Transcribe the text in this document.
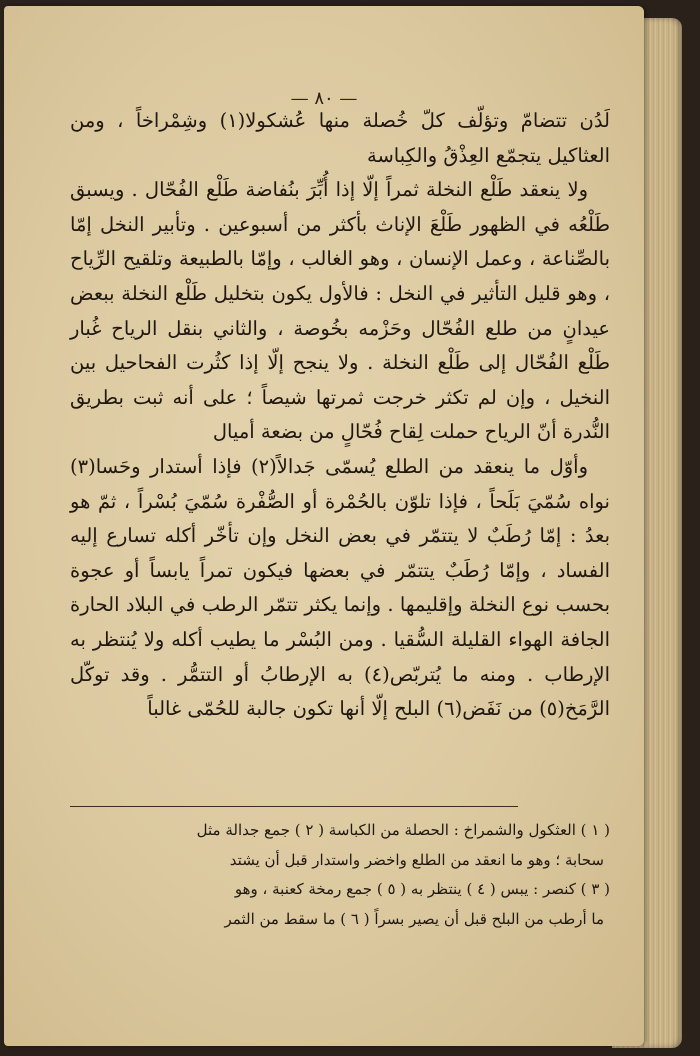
— ٨٠ —

لَدُن تتضامّ وتؤلّف كلّ خُصلة منها عُشكولا(١) وشِمْراخاً ، ومن العثاكيل يتجمّع العِذْقُ والكِباسة

ولا ينعقد طَلْع النخلة ثمراً إلّا إذا أُبِّرَ بنُفاضة طَلْع الفُحّال . ويسبق طَلْعُه في الظهور طَلْعَ الإناث بأكثر من أسبوعين . وتأبير النخل إمّا بالصِّناعة ، وعمل الإنسان ، وهو الغالب ، وإمّا بالطبيعة وتلقيح الرِّياح ، وهو قليل التأثير في النخل : فالأول يكون بتخليل طَلْع النخلة ببعض عيدانٍ من طلع الفُحّال وحَزْمه بخُوصة ، والثاني بنقل الرياح غُبار طَلْع الفُحّال إلى طَلْع النخلة . ولا ينجح إلّا إذا كثُرت الفحاحيل بين النخيل ، وإن لم تكثر خرجت ثمرتها شيصاً ؛ على أنه ثبت بطريق النُّدرة أنّ الرياح حملت لِقاح فُحّالٍ من بضعة أميال

وأوّل ما ينعقد من الطلع يُسمّى جَدالاً(٢) فإذا أستدار وحَسا(٣) نواه سُمّيَ بَلَحاً ، فإذا تلوّن بالحُمْرة أو الصُّفْرة سُمّيَ بُسْراً ، ثمّ هو بعدُ : إمّا رُطَبٌ لا يتتمّر في بعض النخل وإن تأخّر أكله تسارع إليه الفساد ، وإمّا رُطَبٌ يتتمّر في بعضها فيكون تمراً يابساً أو عجوة بحسب نوع النخلة وإقليمها . وإنما يكثر تتمّر الرطب في البلاد الحارة الجافة الهواء القليلة السُّقيا . ومن البُسْر ما يطيب أكله ولا يُنتظر به الإرطاب . ومنه ما يُتربّص(٤) به الإرطابُ أو التتمُّر . وقد توكّل الرَّمَخ(٥) من نَفَض(٦) البلح إلّا أنها تكون جالبة للحُمّى غالباً

( ١ ) العثكول والشمراخ : الحصلة من الكباسة ( ٢ ) جمع جدالة مثل

سحابة ؛ وهو ما انعقد من الطلع واخضر واستدار قبل أن يشتد

( ٣ ) كنصر : يبس ( ٤ ) ينتظر به ( ٥ ) جمع رمخة كعنبة ، وهو

ما أرطب من البلح قبل أن يصير بسراً ( ٦ ) ما سقط من الثمر
